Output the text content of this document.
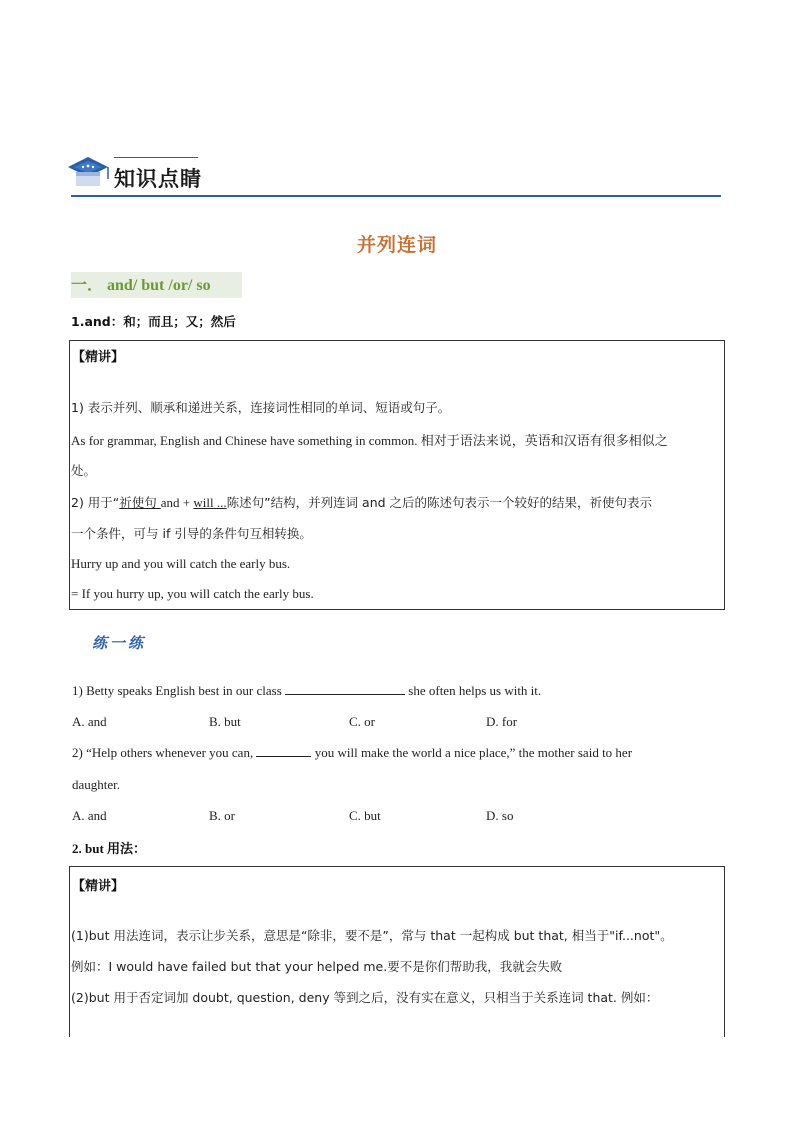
知识点睛
并列连词
一． and/ but /or/ so
1.and：和；而且；又；然后
【精讲】
1) 表示并列、顺承和递进关系，连接词性相同的单词、短语或句子。
As for grammar, English and Chinese have something in common. 相对于语法来说，英语和汉语有很多相似之
处。
2) 用于“祈使句 and + will ...陈述句”结构，并列连词 and 之后的陈述句表示一个较好的结果，祈使句表示
一个条件，可与 if 引导的条件句互相转换。
Hurry up and you will catch the early bus.
= If you hurry up, you will catch the early bus.
练一练
1) Betty speaks English best in our class	she often helps us with it.
A. and	B. but	C. or	D. for
2) “Help others whenever you can,	you will make the world a nice place,” the mother said to her
daughter.
A. and	B. or	C. but	D. so
2. but 用法：
【精讲】
(1)but 用法连词，表示让步关系，意思是“除非，要不是”，常与 that 一起构成 but that, 相当于"if...not"。
例如：I would have failed but that your helped me.要不是你们帮助我，我就会失败
(2)but 用于否定词加 doubt, question, deny 等到之后，没有实在意义，只相当于关系连词 that. 例如：
